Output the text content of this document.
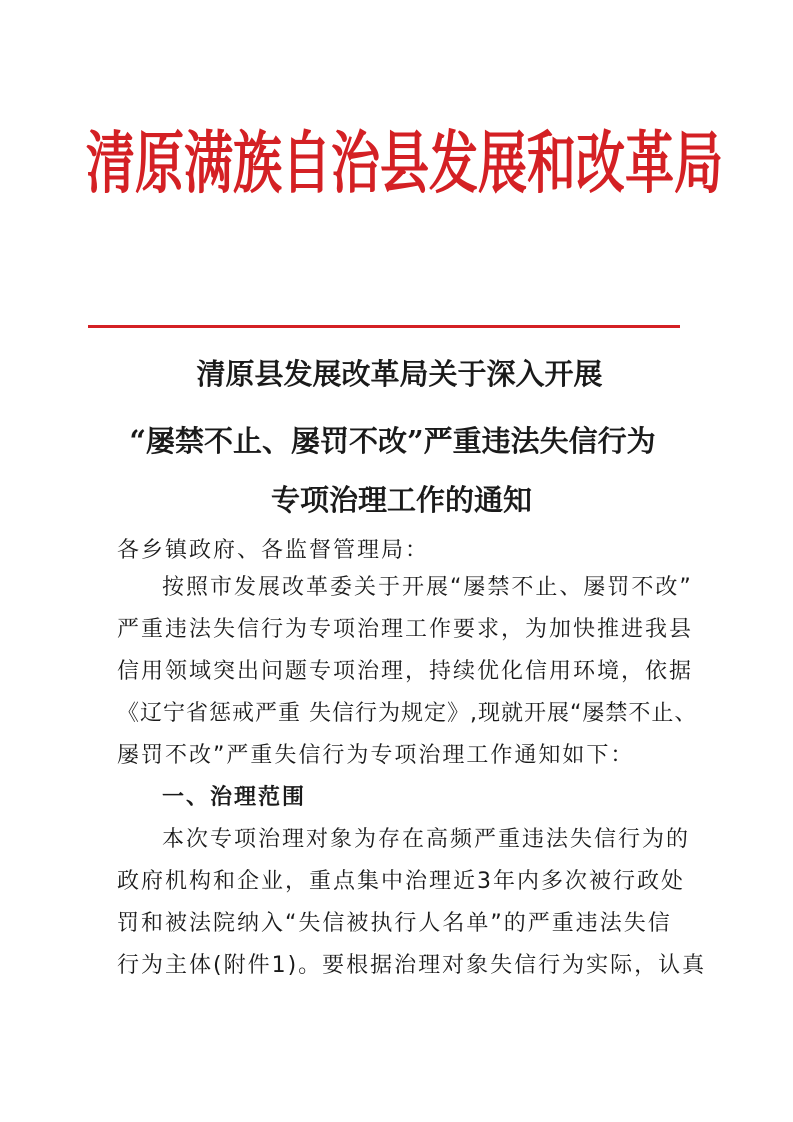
清原满族自治县发展和改革局
清原县发展改革局关于深入开展
“屡禁不止、屡罚不改”严重违法失信行为
专项治理工作的通知

各乡镇政府、各监督管理局：

按照市发展改革委关于开展“屡禁不止、屡罚不改”

严重违法失信行为专项治理工作要求，为加快推进我县

信用领域突出问题专项治理，持续优化信用环境，依据

《辽宁省惩戒严重 失信行为规定》,现就开展“屡禁不止、

屡罚不改”严重失信行为专项治理工作通知如下：

一、治理范围

本次专项治理对象为存在高频严重违法失信行为的

政府机构和企业，重点集中治理近3年内多次被行政处

罚和被法院纳入“失信被执行人名单”的严重违法失信

行为主体(附件1)。要根据治理对象失信行为实际，认真
